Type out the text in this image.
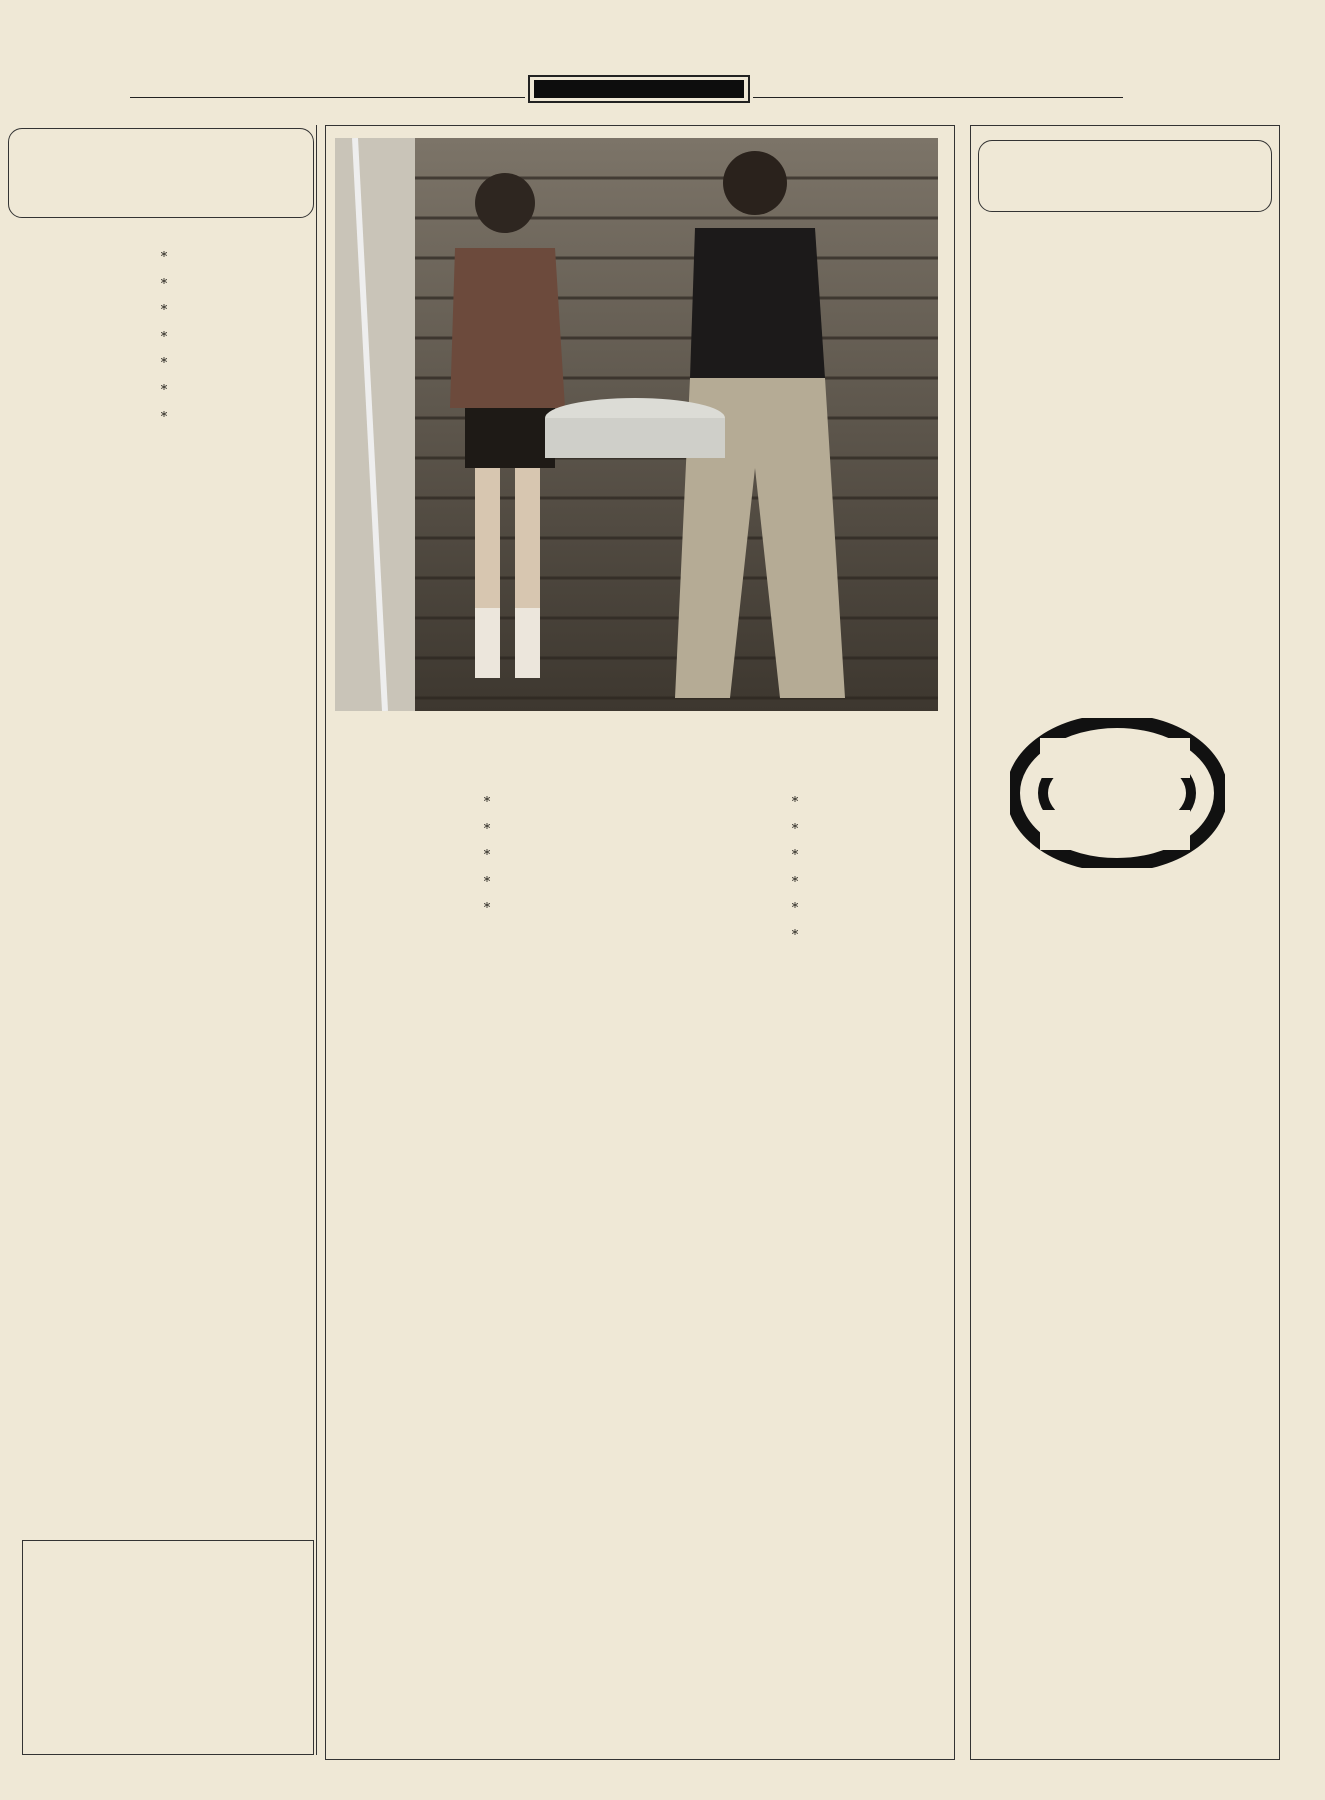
*

*

*

*

*

*

*

*

*

*

*

*

*

*

*

*

*

*
